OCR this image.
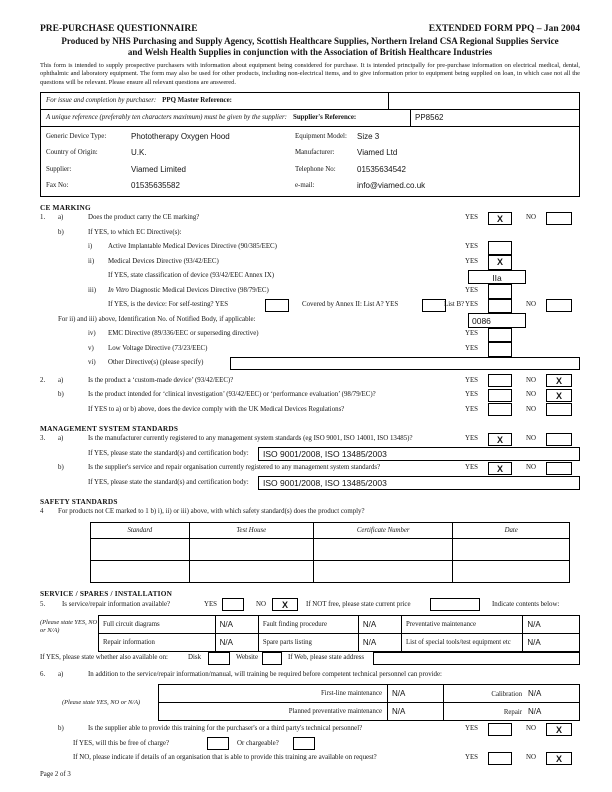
PRE-PURCHASE QUESTIONNAIRE	EXTENDED FORM PPQ – Jan 2004
Produced by NHS Purchasing and Supply Agency, Scottish Healthcare Supplies, Northern Ireland CSA Regional Supplies Service and Welsh Health Supplies in conjunction with the Association of British Healthcare Industries
This form is intended to supply prospective purchasers with information about equipment being considered for purchase. It is intended principally for pre-purchase information on electrical medical, dental, ophthalmic and laboratory equipment. The form may also be used for other products, including non-electrical items, and to give information prior to equipment being supplied on loan, in which case not all the questions will be relevant. Please ensure all relevant questions are answered.
For issue and completion by purchaser: PPQ Master Reference:
A unique reference (preferably ten characters maximum) must be given by the supplier: Supplier's Reference:	PP8562
Generic Device Type:	Phototherapy Oxygen Hood	Equipment Model:	Size 3
Country of Origin:	U.K.	Manufacturer:	Viamed Ltd
Supplier:	Viamed Limited	Telephone No:	01535634542
Fax No:	01535635582	e-mail:	info@viamed.co.uk
CE MARKING
1. a)	Does the product carry the CE marking?	YES	X	NO
b)	If YES, to which EC Directive(s):
i) Active Implantable Medical Devices Directive (90/385/EEC)	YES
ii) Medical Devices Directive (93/42/EEC)	YES	X
If YES, state classification of device (93/42/EEC Annex IX)	IIa
iii) In Vitro Diagnostic Medical Devices Directive (98/79/EC)	YES
If YES, is the device: For self-testing? YES	Covered by Annex II: List A? YES	List B? YES	NO
For ii) and iii) above, Identification No. of Notified Body, if applicable:	0086
iv) EMC Directive (89/336/EEC or superseding directive)	YES
v) Low Voltage Directive (73/23/EEC)	YES
vi) Other Directive(s) (please specify)
2. a)	Is the product a ‘custom-made device’ (93/42/EEC)?	YES	NO	X
b)	Is the product intended for ‘clinical investigation’ (93/42/EEC) or ‘performance evaluation’ (98/79/EC)?	YES	NO	X
If YES to a) or b) above, does the device comply with the UK Medical Devices Regulations?	YES	NO
MANAGEMENT SYSTEM STANDARDS
3. a)	Is the manufacturer currently registered to any management system standards (eg ISO 9001, ISO 14001, ISO 13485)?	YES	X	NO
If YES, please state the standard(s) and certification body:	ISO 9001/2008, ISO 13485/2003
b)	Is the supplier's service and repair organisation currently registered to any management system standards?	YES	X	NO
If YES, please state the standard(s) and certification body:	ISO 9001/2008, ISO 13485/2003
SAFETY STANDARDS
4 For products not CE marked to 1 b) i), ii) or iii) above, with which safety standard(s) does the product comply?
Standard	Test House	Certificate Number	Date

SERVICE / SPARES / INSTALLATION
5. Is service/repair information available?	YES	NO	X	If NOT free, please state current price	Indicate contents below:
(Please state YES, NO or N/A)
Full circuit diagrams	N/A	Fault finding procedure	N/A	Preventative maintenance	N/A
Repair information	N/A	Spare parts listing	N/A	List of special tools/test equipment etc	N/A
If YES, please state whether also available on:	Disk	Website	If Web, please state address
6. a)	In addition to the service/repair information/manual, will training be required before competent technical personnel can provide:
(Please state YES, NO or N/A)
First-line maintenance	N/A	Calibration N/A
Planned preventative maintenance	N/A	Repair N/A
b)	Is the supplier able to provide this training for the purchaser's or a third party's technical personnel?	YES	NO	X
If YES, will this be free of charge?	Or chargeable?
If NO, please indicate if details of an organisation that is able to provide this training are available on request?	YES	NO	X
Page 2 of 3
